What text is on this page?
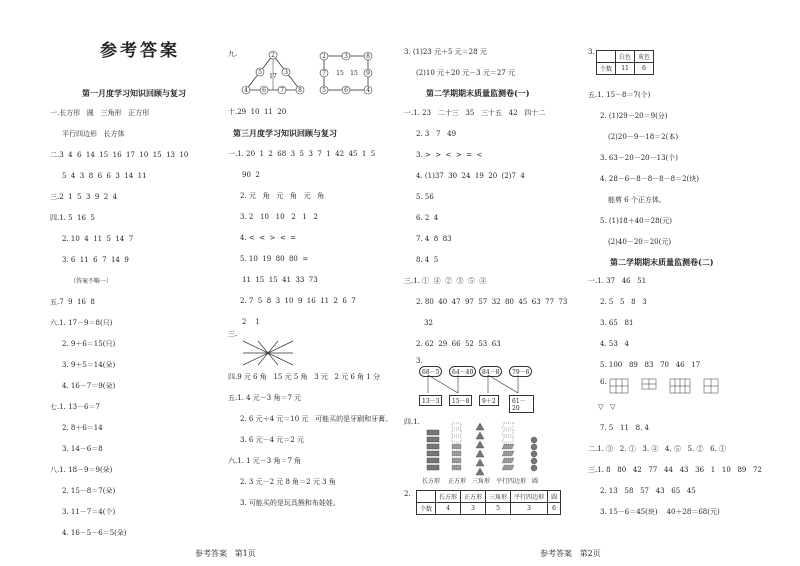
参考答案
第一月度学习知识回顾与复习
一.长方形   圆   三角形   正方形
平行四边形   长方体
二.3  4  6  14  15  16  17  10  15  13  10
5  4  3  8  6  6  3  14  11
三.2  1  5  3  9  2  4
四.1. 5  16  5
2. 10  4  11  5  14  7
3. 6  11  6  7  14  9
（答案不唯一）
五.7  9  16  8
六.1. 17－9＝8(只)
2. 9＋6＝15(只)
3. 9＋5＝14(朵)
4. 16－7＝9(朵)
七.1. 13－6＝7
2. 8＋6＝14
3. 14－6＝8
八.1. 18－9＝9(朵)
2. 15－8＝7(朵)
3. 11－7＝4(个)
4. 16－5－6＝5(朵)
参考答案   第1页
九.	2
5	3
17
4 6 7 8
2	3	8
7 15	9
5	6	4
15
十.29  10  11  20
第三月度学习知识回顾与复习
一.1. 20  1  2  68  3  5  3  7  1  42  45  1  5
90  2
2. 元   角   元   角   元   角
3. 2   10   10   2   1   2
4. <  <  >  <  =
5. 10  19  80  80  =
11  15  15  41  33  73
2. 7  5  8  3  10  9  16  11  2  6  7
2    1
三.
四.9 元 6 角   15 元 5 角   3 元   2 元 6 角 1 分
五.1. 4 元－3 角＝7 元
2. 6 元＋4 元＝10 元   可能买的是牙刷和牙膏。
3. 6 元－4 元＝2 元
六.1. 1 元－3 角＝7 角
2. 3 元－2 元 8 角＝2 元 3 角
3. 可能买的是玩具熊和布娃娃。
3. (1)23 元＋5 元＝28 元
(2)10 元＋20 元－3 元＝27 元
第二学期期末质量监测卷(一)
一.1. 23   二十三   35   三十五   42   四十二
2. 3   7   49
3. >  >  <  >  =  <
4. (1)37  30  24  19  20  (2)7  4
5. 56
6. 2  4
7. 4  8  83
8. 4  5
三.1. ①  ④  ②  ③  ⑤  ④
2. 80  40  47  97  57  32  80  45  63  77  73
32
2. 62  29  66  52  53  63
3.
68－5	64－40	84－8	79－6
13－3	15－8	9＋2	61－20
四.1.
长方形 正方形 三角形 平行四边形 圆
2.
		长方形	正方形	三角形	平行四边形	圆
个数	4	3	5	3	6
3.
	白色	灰色
个数	11	6
五.1. 15－8＝7(个)
2. (1)29－20＝9(分)
(2)20－9－18＝2(本)
3. 63－20－20－13(个)
4. 28－6－8－8－8－8＝2(块)
能剪 6 个正方体。
5. (1)18＋40＝28(元)
(2)40－20＝20(元)
第二学期期末质量监测卷(二)
一.1. 37   46   51
2. 5   5   8   3
3. 65   81
4. 53   4
5. 100   89   83   70   46   17
6.
▽   ▽
7. 5   11   8. 4
二.1. ③   2. ①   3. ④   4. ⑤   5. ②   6. ①
三.1. 8   80   42   77   44   43   36   1   10   89   72
2. 13   58   57   43   65   45
3. 15－6＝45(块)    40＋28＝68(元)
参考答案   第2页
